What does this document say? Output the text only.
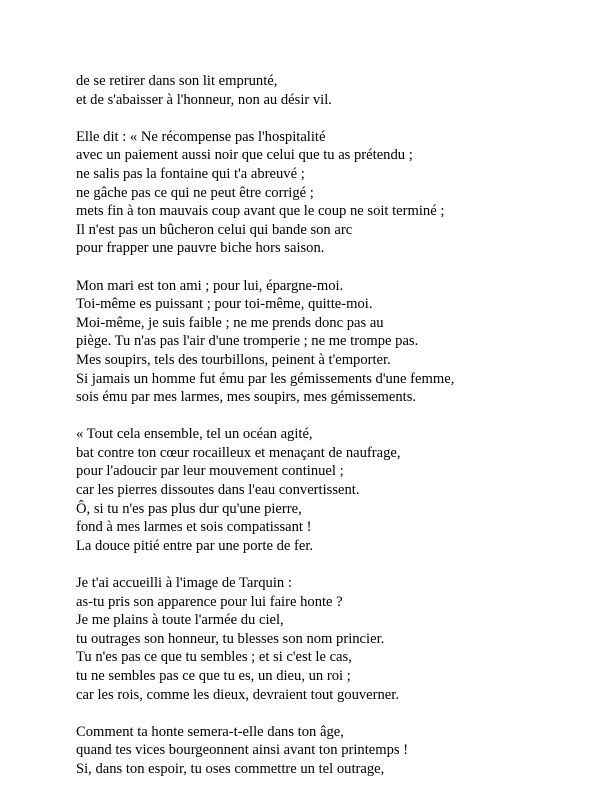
de se retirer dans son lit emprunté,
et de s'abaisser à l'honneur, non au désir vil.
Elle dit : « Ne récompense pas l'hospitalité
avec un paiement aussi noir que celui que tu as prétendu ;
ne salis pas la fontaine qui t'a abreuvé ;
ne gâche pas ce qui ne peut être corrigé ;
mets fin à ton mauvais coup avant que le coup ne soit terminé ;
Il n'est pas un bûcheron celui qui bande son arc
pour frapper une pauvre biche hors saison.
Mon mari est ton ami ; pour lui, épargne-moi.
Toi-même es puissant ; pour toi-même, quitte-moi.
Moi-même, je suis faible ; ne me prends donc pas au
piège. Tu n'as pas l'air d'une tromperie ; ne me trompe pas.
Mes soupirs, tels des tourbillons, peinent à t'emporter.
Si jamais un homme fut ému par les gémissements d'une femme,
sois ému par mes larmes, mes soupirs, mes gémissements.
« Tout cela ensemble, tel un océan agité,
bat contre ton cœur rocailleux et menaçant de naufrage,
pour l'adoucir par leur mouvement continuel ;
car les pierres dissoutes dans l'eau convertissent.
Ô, si tu n'es pas plus dur qu'une pierre,
fond à mes larmes et sois compatissant !
La douce pitié entre par une porte de fer.
Je t'ai accueilli à l'image de Tarquin :
as-tu pris son apparence pour lui faire honte ?
Je me plains à toute l'armée du ciel,
tu outrages son honneur, tu blesses son nom princier.
Tu n'es pas ce que tu sembles ; et si c'est le cas,
tu ne sembles pas ce que tu es, un dieu, un roi ;
car les rois, comme les dieux, devraient tout gouverner.
Comment ta honte semera-t-elle dans ton âge,
quand tes vices bourgeonnent ainsi avant ton printemps !
Si, dans ton espoir, tu oses commettre un tel outrage,
